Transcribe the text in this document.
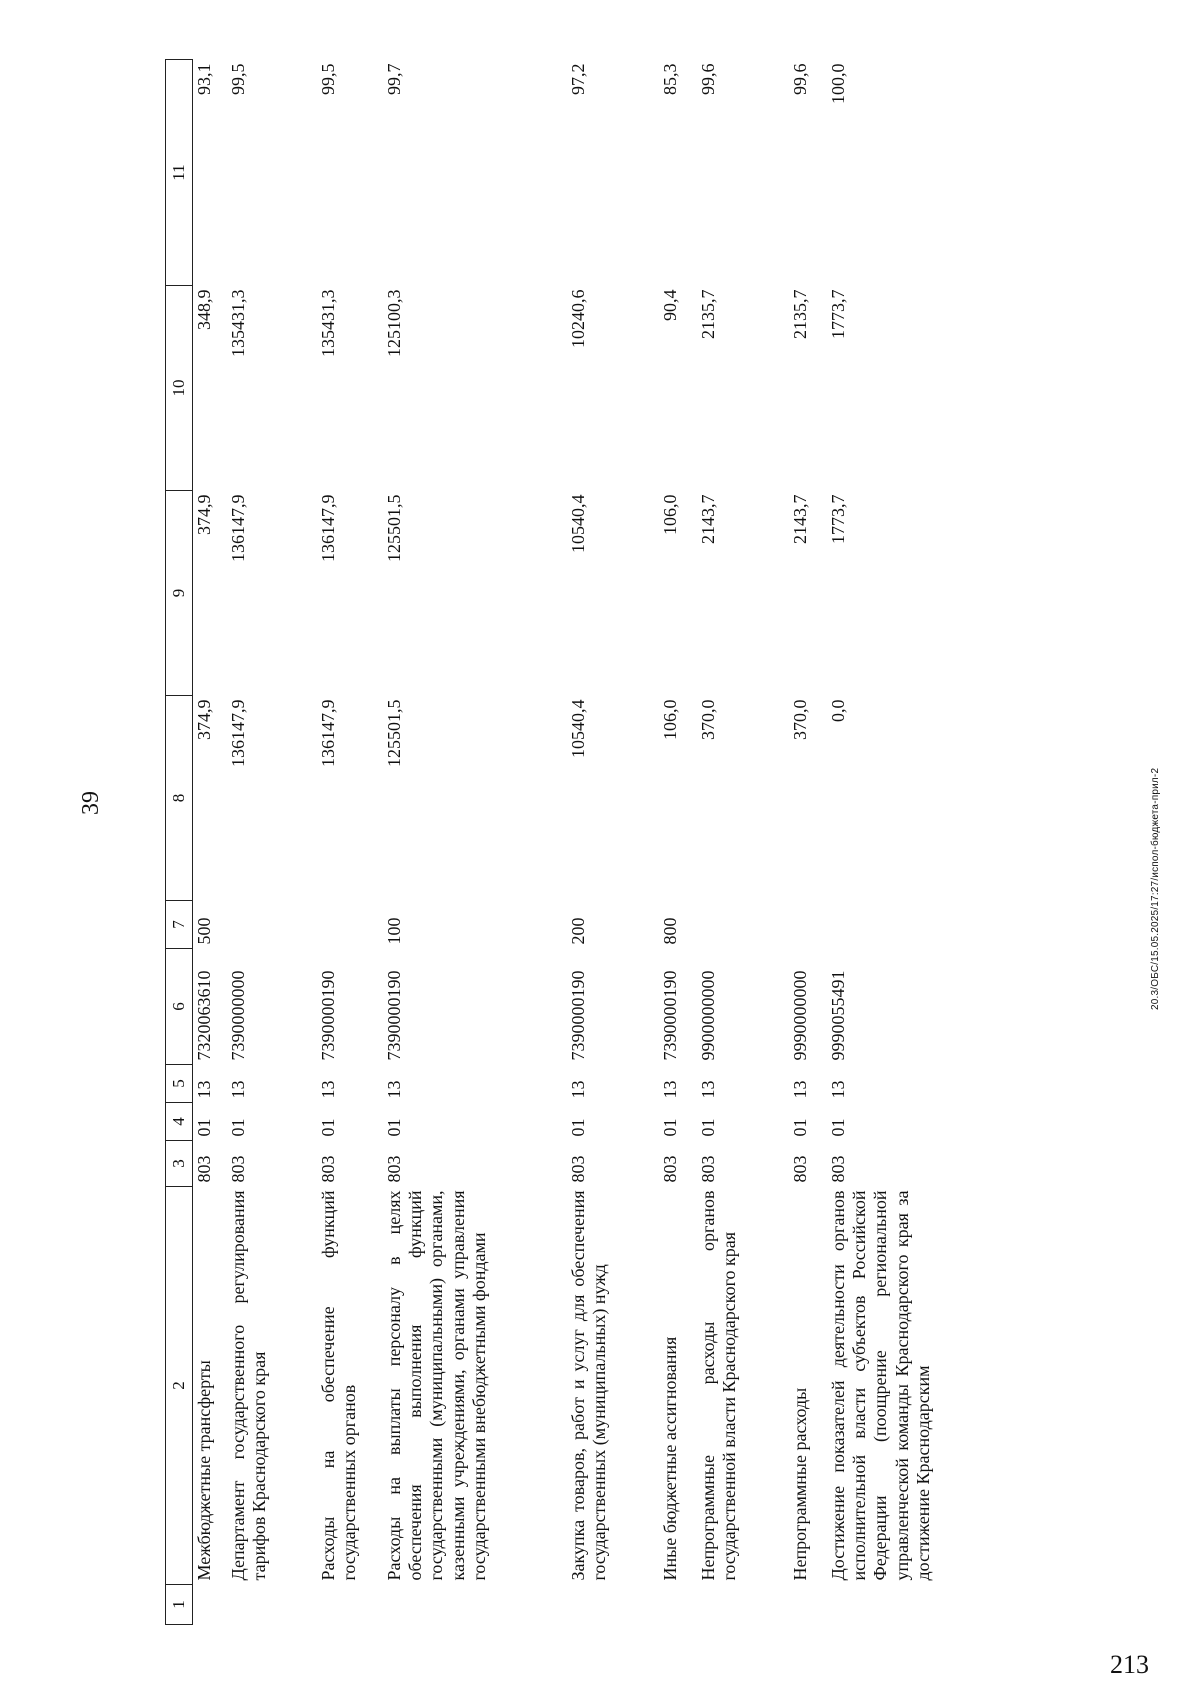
39
213
20.3/ОБС/15.05.2025/17:27/испол-бюджета-прил-2
1	2	3	4	5	6	7	8	9	10	11
	Межбюджетные трансферты	803	01	13	7320063610	500	374,9	374,9	348,9	93,1
	Департамент государственного регулирования тарифов Краснодарского края	803	01	13	7390000000		136147,9	136147,9	135431,3	99,5
	Расходы на обеспечение функций государственных органов	803	01	13	7390000190		136147,9	136147,9	135431,3	99,5
	Расходы на выплаты персоналу в целях обеспечения выполнения функций государственными (муниципальными) органами, казенными учреждениями, органами управления государственными внебюджетными фондами	803	01	13	7390000190	100	125501,5	125501,5	125100,3	99,7
	Закупка товаров, работ и услуг для обеспечения государственных (муниципальных) нужд	803	01	13	7390000190	200	10540,4	10540,4	10240,6	97,2
	Иные бюджетные ассигнования	803	01	13	7390000190	800	106,0	106,0	90,4	85,3
	Непрограммные расходы органов государственной власти Краснодарского края	803	01	13	9900000000		370,0	2143,7	2135,7	99,6
	Непрограммные расходы	803	01	13	9990000000		370,0	2143,7	2135,7	99,6
	Достижение показателей деятельности органов исполнительной власти субъектов Российской Федерации (поощрение региональной управленческой команды Краснодарского края за достижение Краснодарским	803	01	13	9990055491		0,0	1773,7	1773,7	100,0
